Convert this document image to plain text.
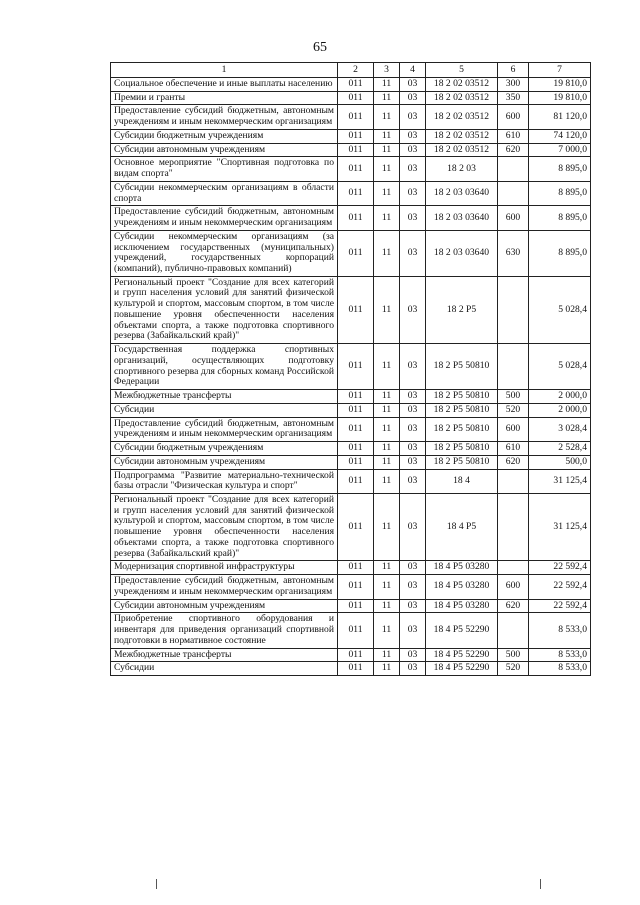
65
1	2	3	4	5	6	7
Социальное обеспечение и иные выплаты населению	011	11	03	18 2 02 03512	300	19 810,0
Премии и гранты	011	11	03	18 2 02 03512	350	19 810,0
Предоставление субсидий бюджетным, автономным учреждениям и иным некоммерческим организациям	011	11	03	18 2 02 03512	600	81 120,0
Субсидии бюджетным учреждениям	011	11	03	18 2 02 03512	610	74 120,0
Субсидии автономным учреждениям	011	11	03	18 2 02 03512	620	7 000,0
Основное мероприятие "Спортивная подготовка по видам спорта"	011	11	03	18 2 03		8 895,0
Субсидии некоммерческим организациям в области спорта	011	11	03	18 2 03 03640		8 895,0
Предоставление субсидий бюджетным, автономным учреждениям и иным некоммерческим организациям	011	11	03	18 2 03 03640	600	8 895,0
Субсидии некоммерческим организациям (за исключением государственных (муниципальных) учреждений, государственных корпораций (компаний), публично-правовых компаний)	011	11	03	18 2 03 03640	630	8 895,0
Региональный проект "Создание для всех категорий и групп населения условий для занятий физической культурой и спортом, массовым спортом, в том числе повышение уровня обеспеченности населения объектами спорта, а также подготовка спортивного резерва (Забайкальский край)"	011	11	03	18 2 P5		5 028,4
Государственная поддержка спортивных организаций, осуществляющих подготовку спортивного резерва для сборных команд Российской Федерации	011	11	03	18 2 P5 50810		5 028,4
Межбюджетные трансферты	011	11	03	18 2 P5 50810	500	2 000,0
Субсидии	011	11	03	18 2 P5 50810	520	2 000,0
Предоставление субсидий бюджетным, автономным учреждениям и иным некоммерческим организациям	011	11	03	18 2 P5 50810	600	3 028,4
Субсидии бюджетным учреждениям	011	11	03	18 2 P5 50810	610	2 528,4
Субсидии автономным учреждениям	011	11	03	18 2 P5 50810	620	500,0
Подпрограмма "Развитие материально-технической базы отрасли "Физическая культура и спорт"	011	11	03	18 4		31 125,4
Региональный проект "Создание для всех категорий и групп населения условий для занятий физической культурой и спортом, массовым спортом, в том числе повышение уровня обеспеченности населения объектами спорта, а также подготовка спортивного резерва (Забайкальский край)"	011	11	03	18 4 P5		31 125,4
Модернизация спортивной инфраструктуры	011	11	03	18 4 P5 03280		22 592,4
Предоставление субсидий бюджетным, автономным учреждениям и иным некоммерческим организациям	011	11	03	18 4 P5 03280	600	22 592,4
Субсидии автономным учреждениям	011	11	03	18 4 P5 03280	620	22 592,4
Приобретение спортивного оборудования и инвентаря для приведения организаций спортивной подготовки в нормативное состояние	011	11	03	18 4 P5 52290		8 533,0
Межбюджетные трансферты	011	11	03	18 4 P5 52290	500	8 533,0
Субсидии	011	11	03	18 4 P5 52290	520	8 533,0
